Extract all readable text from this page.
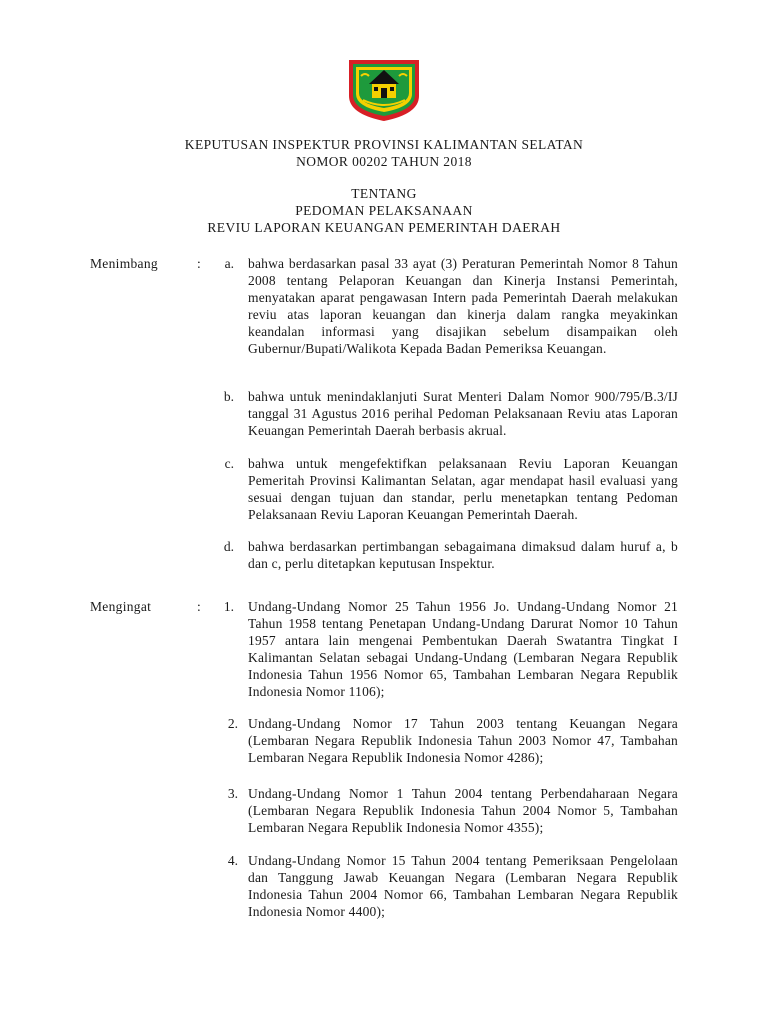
KEPUTUSAN INSPEKTUR PROVINSI KALIMANTAN SELATAN
NOMOR 00202 TAHUN 2018
TENTANG
PEDOMAN PELAKSANAAN
REVIU LAPORAN KEUANGAN PEMERINTAH DAERAH
Menimbang	:	a. bahwa berdasarkan pasal 33 ayat (3) Peraturan Pemerintah Nomor 8 Tahun 2008 tentang Pelaporan Keuangan dan Kinerja Instansi Pemerintah, menyatakan aparat pengawasan Intern pada Pemerintah Daerah melakukan reviu atas laporan keuangan dan kinerja dalam rangka meyakinkan keandalan informasi yang disajikan sebelum disampaikan oleh Gubernur/Bupati/Walikota Kepada Badan Pemeriksa Keuangan.
b. bahwa untuk menindaklanjuti Surat Menteri Dalam Nomor 900/795/B.3/IJ tanggal 31 Agustus 2016 perihal Pedoman Pelaksanaan Reviu atas Laporan Keuangan Pemerintah Daerah berbasis akrual.
c. bahwa untuk mengefektifkan pelaksanaan Reviu Laporan Keuangan Pemeritah Provinsi Kalimantan Selatan, agar mendapat hasil evaluasi yang sesuai dengan tujuan dan standar, perlu menetapkan tentang Pedoman Pelaksanaan Reviu Laporan Keuangan Pemerintah Daerah.
d. bahwa berdasarkan pertimbangan sebagaimana dimaksud dalam huruf a, b dan c, perlu ditetapkan keputusan Inspektur.
Mengingat	:	1. Undang-Undang Nomor 25 Tahun 1956 Jo. Undang-Undang Nomor 21 Tahun 1958 tentang Penetapan Undang-Undang Darurat Nomor 10 Tahun 1957 antara lain mengenai Pembentukan Daerah Swatantra Tingkat I Kalimantan Selatan sebagai Undang-Undang (Lembaran Negara Republik Indonesia Tahun 1956 Nomor 65, Tambahan Lembaran Negara Republik Indonesia Nomor 1106);
2. Undang-Undang Nomor 17 Tahun 2003 tentang Keuangan Negara (Lembaran Negara Republik Indonesia Tahun 2003 Nomor 47, Tambahan Lembaran Negara Republik Indonesia Nomor 4286);
3. Undang-Undang Nomor 1 Tahun 2004 tentang Perbendaharaan Negara (Lembaran Negara Republik Indonesia Tahun 2004 Nomor 5, Tambahan Lembaran Negara Republik Indonesia Nomor 4355);
4. Undang-Undang Nomor 15 Tahun 2004 tentang Pemeriksaan Pengelolaan dan Tanggung Jawab Keuangan Negara (Lembaran Negara Republik Indonesia Tahun 2004 Nomor 66, Tambahan Lembaran Negara Republik Indonesia Nomor 4400);
